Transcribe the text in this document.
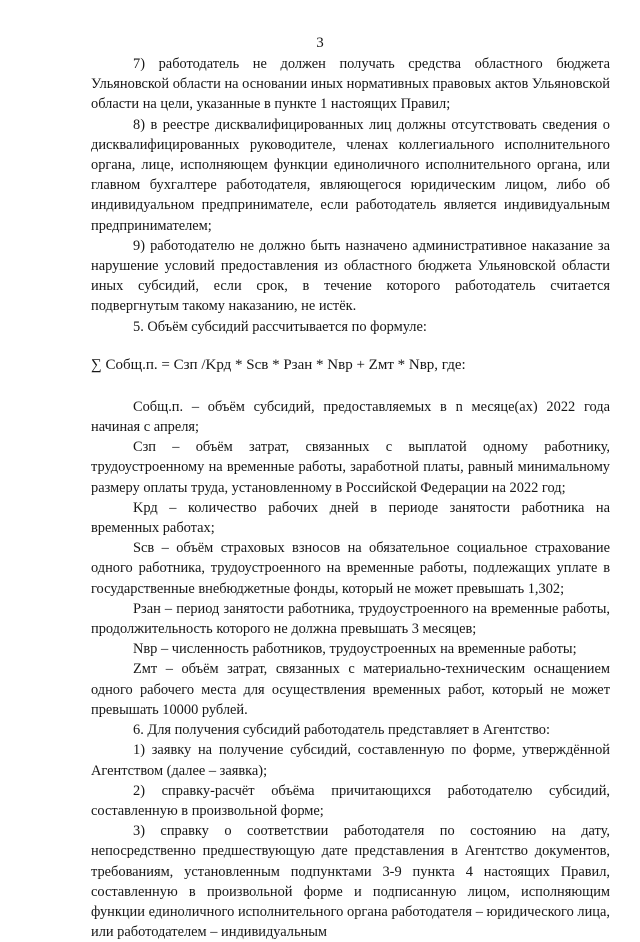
3

7) работодатель не должен получать средства областного бюджета Ульяновской области на основании иных нормативных правовых актов Ульяновской области на цели, указанные в пункте 1 настоящих Правил;

8) в реестре дисквалифицированных лиц должны отсутствовать сведения о дисквалифицированных руководителе, членах коллегиального исполнительного органа, лице, исполняющем функции единоличного исполнительного органа, или главном бухгалтере работодателя, являющегося юридическим лицом, либо об индивидуальном предпринимателе, если работодатель является индивидуальным предпринимателем;

9) работодателю не должно быть назначено административное наказание за нарушение условий предоставления из областного бюджета Ульяновской области иных субсидий, если срок, в течение которого работодатель считается подвергнутым такому наказанию, не истёк.

5. Объём субсидий рассчитывается по формуле:

∑ Cобщ.п. = Cзп /Kрд * Sсв * Pзан * Nвр + Zмт * Nвр, где:

Cобщ.п. – объём субсидий, предоставляемых в n месяце(ах) 2022 года начиная с апреля;

Cзп – объём затрат, связанных с выплатой одному работнику, трудоустроенному на временные работы, заработной платы, равный минимальному размеру оплаты труда, установленному в Российской Федерации на 2022 год;

Kрд – количество рабочих дней в периоде занятости работника на временных работах;

Sсв – объём страховых взносов на обязательное социальное страхование одного работника, трудоустроенного на временные работы, подлежащих уплате в государственные внебюджетные фонды, который не может превышать 1,302;

Pзан – период занятости работника, трудоустроенного на временные работы, продолжительность которого не должна превышать 3 месяцев;

Nвр – численность работников, трудоустроенных на временные работы;

Zмт – объём затрат, связанных с материально-техническим оснащением одного рабочего места для осуществления временных работ, который не может превышать 10000 рублей.

6. Для получения субсидий работодатель представляет в Агентство:

1) заявку на получение субсидий, составленную по форме, утверждённой Агентством (далее – заявка);

2) справку-расчёт объёма причитающихся работодателю субсидий, составленную в произвольной форме;

3) справку о соответствии работодателя по состоянию на дату, непосредственно предшествующую дате представления в Агентство документов, требованиям, установленным подпунктами 3-9 пункта 4 настоящих Правил, составленную в произвольной форме и подписанную лицом, исполняющим функции единоличного исполнительного органа работодателя – юридического лица, или работодателем – индивидуальным
